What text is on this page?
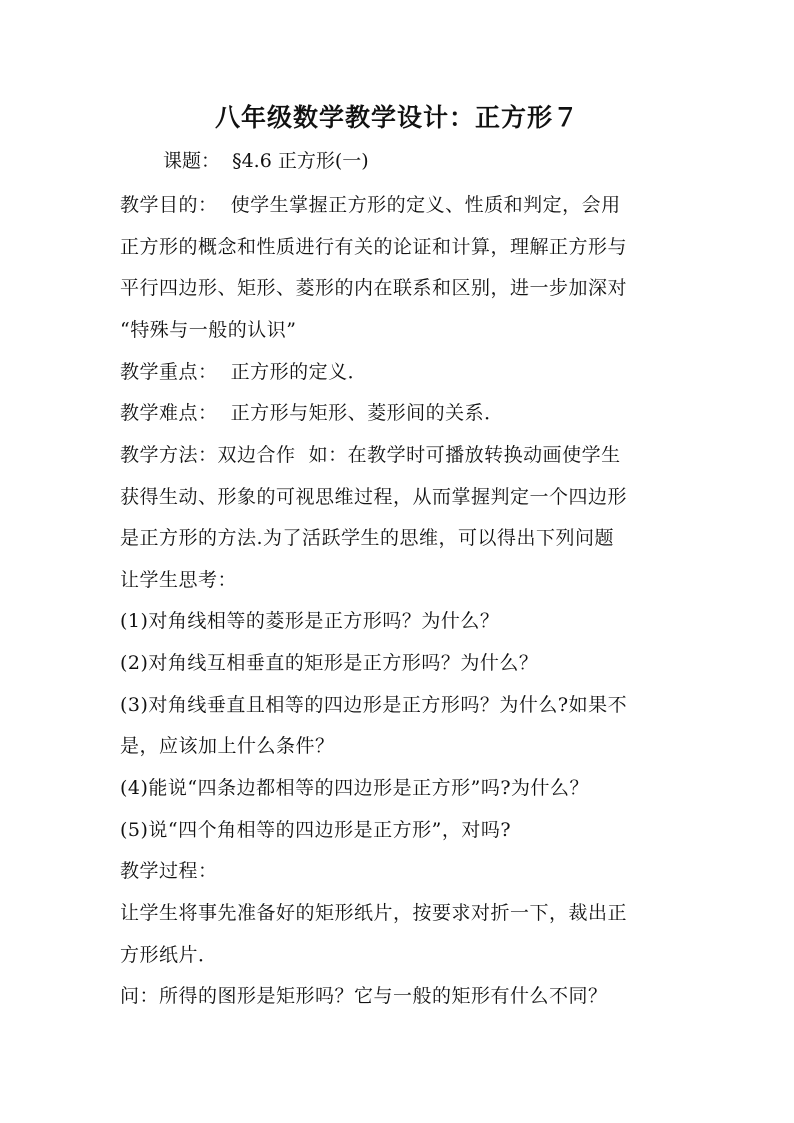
八年级数学教学设计：正方形７

课题：  §4.6 正方形(一)

教学目的：  使学生掌握正方形的定义、性质和判定，会用

正方形的概念和性质进行有关的论证和计算，理解正方形与

平行四边形、矩形、菱形的内在联系和区别，进一步加深对

“特殊与一般的认识”

教学重点：  正方形的定义．

教学难点：  正方形与矩形、菱形间的关系．

教学方法：双边合作  如：在教学时可播放转换动画使学生

获得生动、形象的可视思维过程，从而掌握判定一个四边形

是正方形的方法.为了活跃学生的思维，可以得出下列问题

让学生思考：

(1)对角线相等的菱形是正方形吗？为什么？

(2)对角线互相垂直的矩形是正方形吗？为什么？

(3)对角线垂直且相等的四边形是正方形吗？为什么?如果不

是，应该加上什么条件？

(4)能说“四条边都相等的四边形是正方形”吗?为什么？

(5)说“四个角相等的四边形是正方形”，对吗?

教学过程：

让学生将事先准备好的矩形纸片，按要求对折一下，裁出正

方形纸片．

问：所得的图形是矩形吗？它与一般的矩形有什么不同？
